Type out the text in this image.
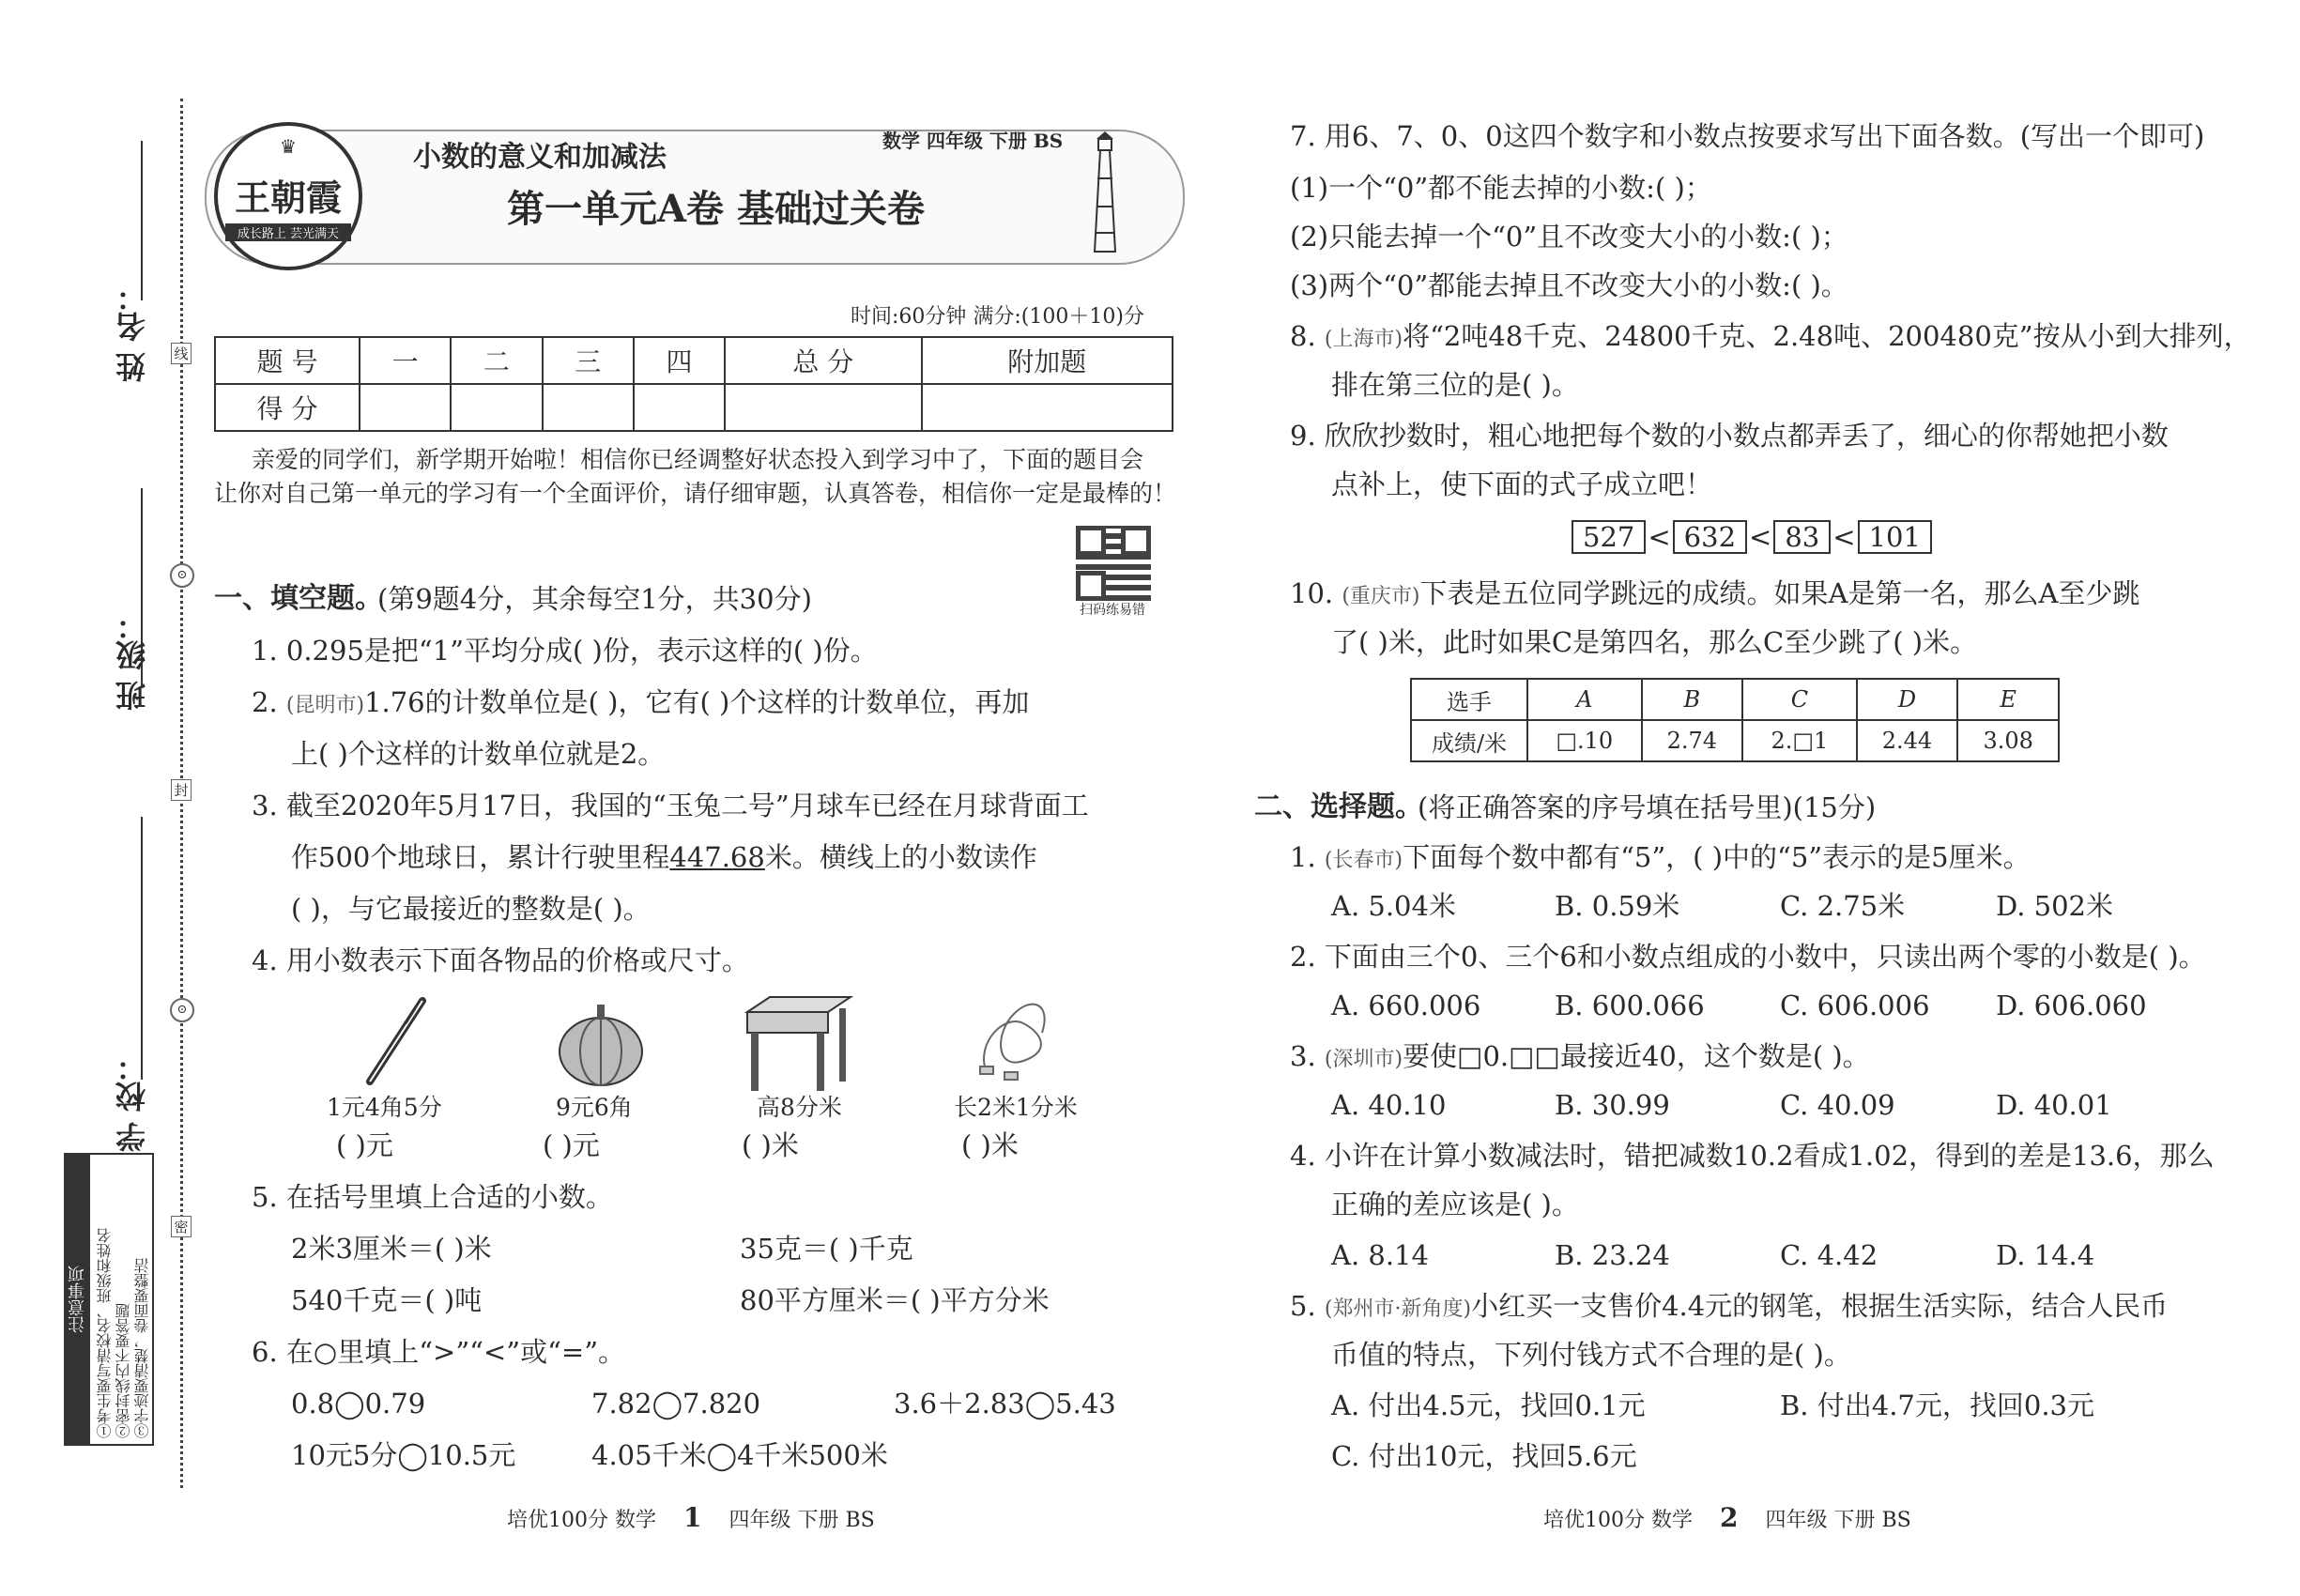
姓 名：
班 级：
学 校：
线
⊙
封
⊙
密
注意事项 ①考生要写清校名、班级和姓名 ②密封线内不要答题 ③字迹要清楚，卷面要整洁
♛
王朝霞
成长路上 芸光满天
小数的意义和加减法	数学 四年级 下册 BS
第一单元A卷 基础过关卷
时间:60分钟 满分:(100＋10)分
题 号	一	二	三	四	总 分	附加题
得 分						
亲爱的同学们，新学期开始啦！相信你已经调整好状态投入到学习中了，下面的题目会
让你对自己第一单元的学习有一个全面评价，请仔细审题，认真答卷，相信你一定是最棒的！
扫码练易错
一、填空题。
(第9题4分，其余每空1分，共30分)
1. 0.295是把“1”平均分成( )份，表示这样的( )份。
2. (昆明市)1.76的计数单位是( )，它有( )个这样的计数单位，再加
上( )个这样的计数单位就是2。
3. 截至2020年5月17日，我国的“玉兔二号”月球车已经在月球背面工
作500个地球日，累计行驶里程447.68米。横线上的小数读作
( )，与它最接近的整数是( )。
4. 用小数表示下面各物品的价格或尺寸。
1元4角5分
( )元
9元6角
( )元
高8分米
( )米
长2米1分米
( )米
5. 在括号里填上合适的小数。
2米3厘米＝( )米	35克＝( )千克
540千克＝( )吨	80平方厘米＝( )平方分米
6. 在○里填上“>”“<”或“=”。
0.8◯0.79	7.82◯7.820	3.6＋2.83◯5.43
10元5分◯10.5元	4.05千米◯4千米500米
7. 用6、7、0、0这四个数字和小数点按要求写出下面各数。(写出一个即可)
(1)一个“0”都不能去掉的小数:( )；
(2)只能去掉一个“0”且不改变大小的小数:( )；
(3)两个“0”都能去掉且不改变大小的小数:( )。
8. (上海市)将“2吨48千克、24800千克、2.48吨、200480克”按从小到大排列，
排在第三位的是( )。
9. 欣欣抄数时，粗心地把每个数的小数点都弄丢了，细心的你帮她把小数
点补上，使下面的式子成立吧！
527 < 632 < 83 < 101
10. (重庆市)下表是五位同学跳远的成绩。如果A是第一名，那么A至少跳
了( )米，此时如果C是第四名，那么C至少跳了( )米。
选手	A	B	C	D	E
成绩/米	□.10	2.74	2.□1	2.44	3.08
二、选择题。
(将正确答案的序号填在括号里)(15分)
1. (长春市)下面每个数中都有“5”，( )中的“5”表示的是5厘米。
A. 5.04米	B. 0.59米	C. 2.75米	D. 502米
2. 下面由三个0、三个6和小数点组成的小数中，只读出两个零的小数是( )。
A. 660.006	B. 600.066	C. 606.006 D. 606.060
3. (深圳市)要使□0.□□最接近40，这个数是( )。
A. 40.10	B. 30.99	C. 40.09	D. 40.01
4. 小许在计算小数减法时，错把减数10.2看成1.02，得到的差是13.6，那么
正确的差应该是( )。
A. 8.14	B. 23.24	C. 4.42	D. 14.4
5. (郑州市·新角度)小红买一支售价4.4元的钢笔，根据生活实际，结合人民币
币值的特点，下列付钱方式不合理的是( )。
A. 付出4.5元，找回0.1元	B. 付出4.7元，找回0.3元
C. 付出10元，找回5.6元
培优100分 数学 1 四年级 下册 BS	培优100分 数学 2 四年级 下册 BS
